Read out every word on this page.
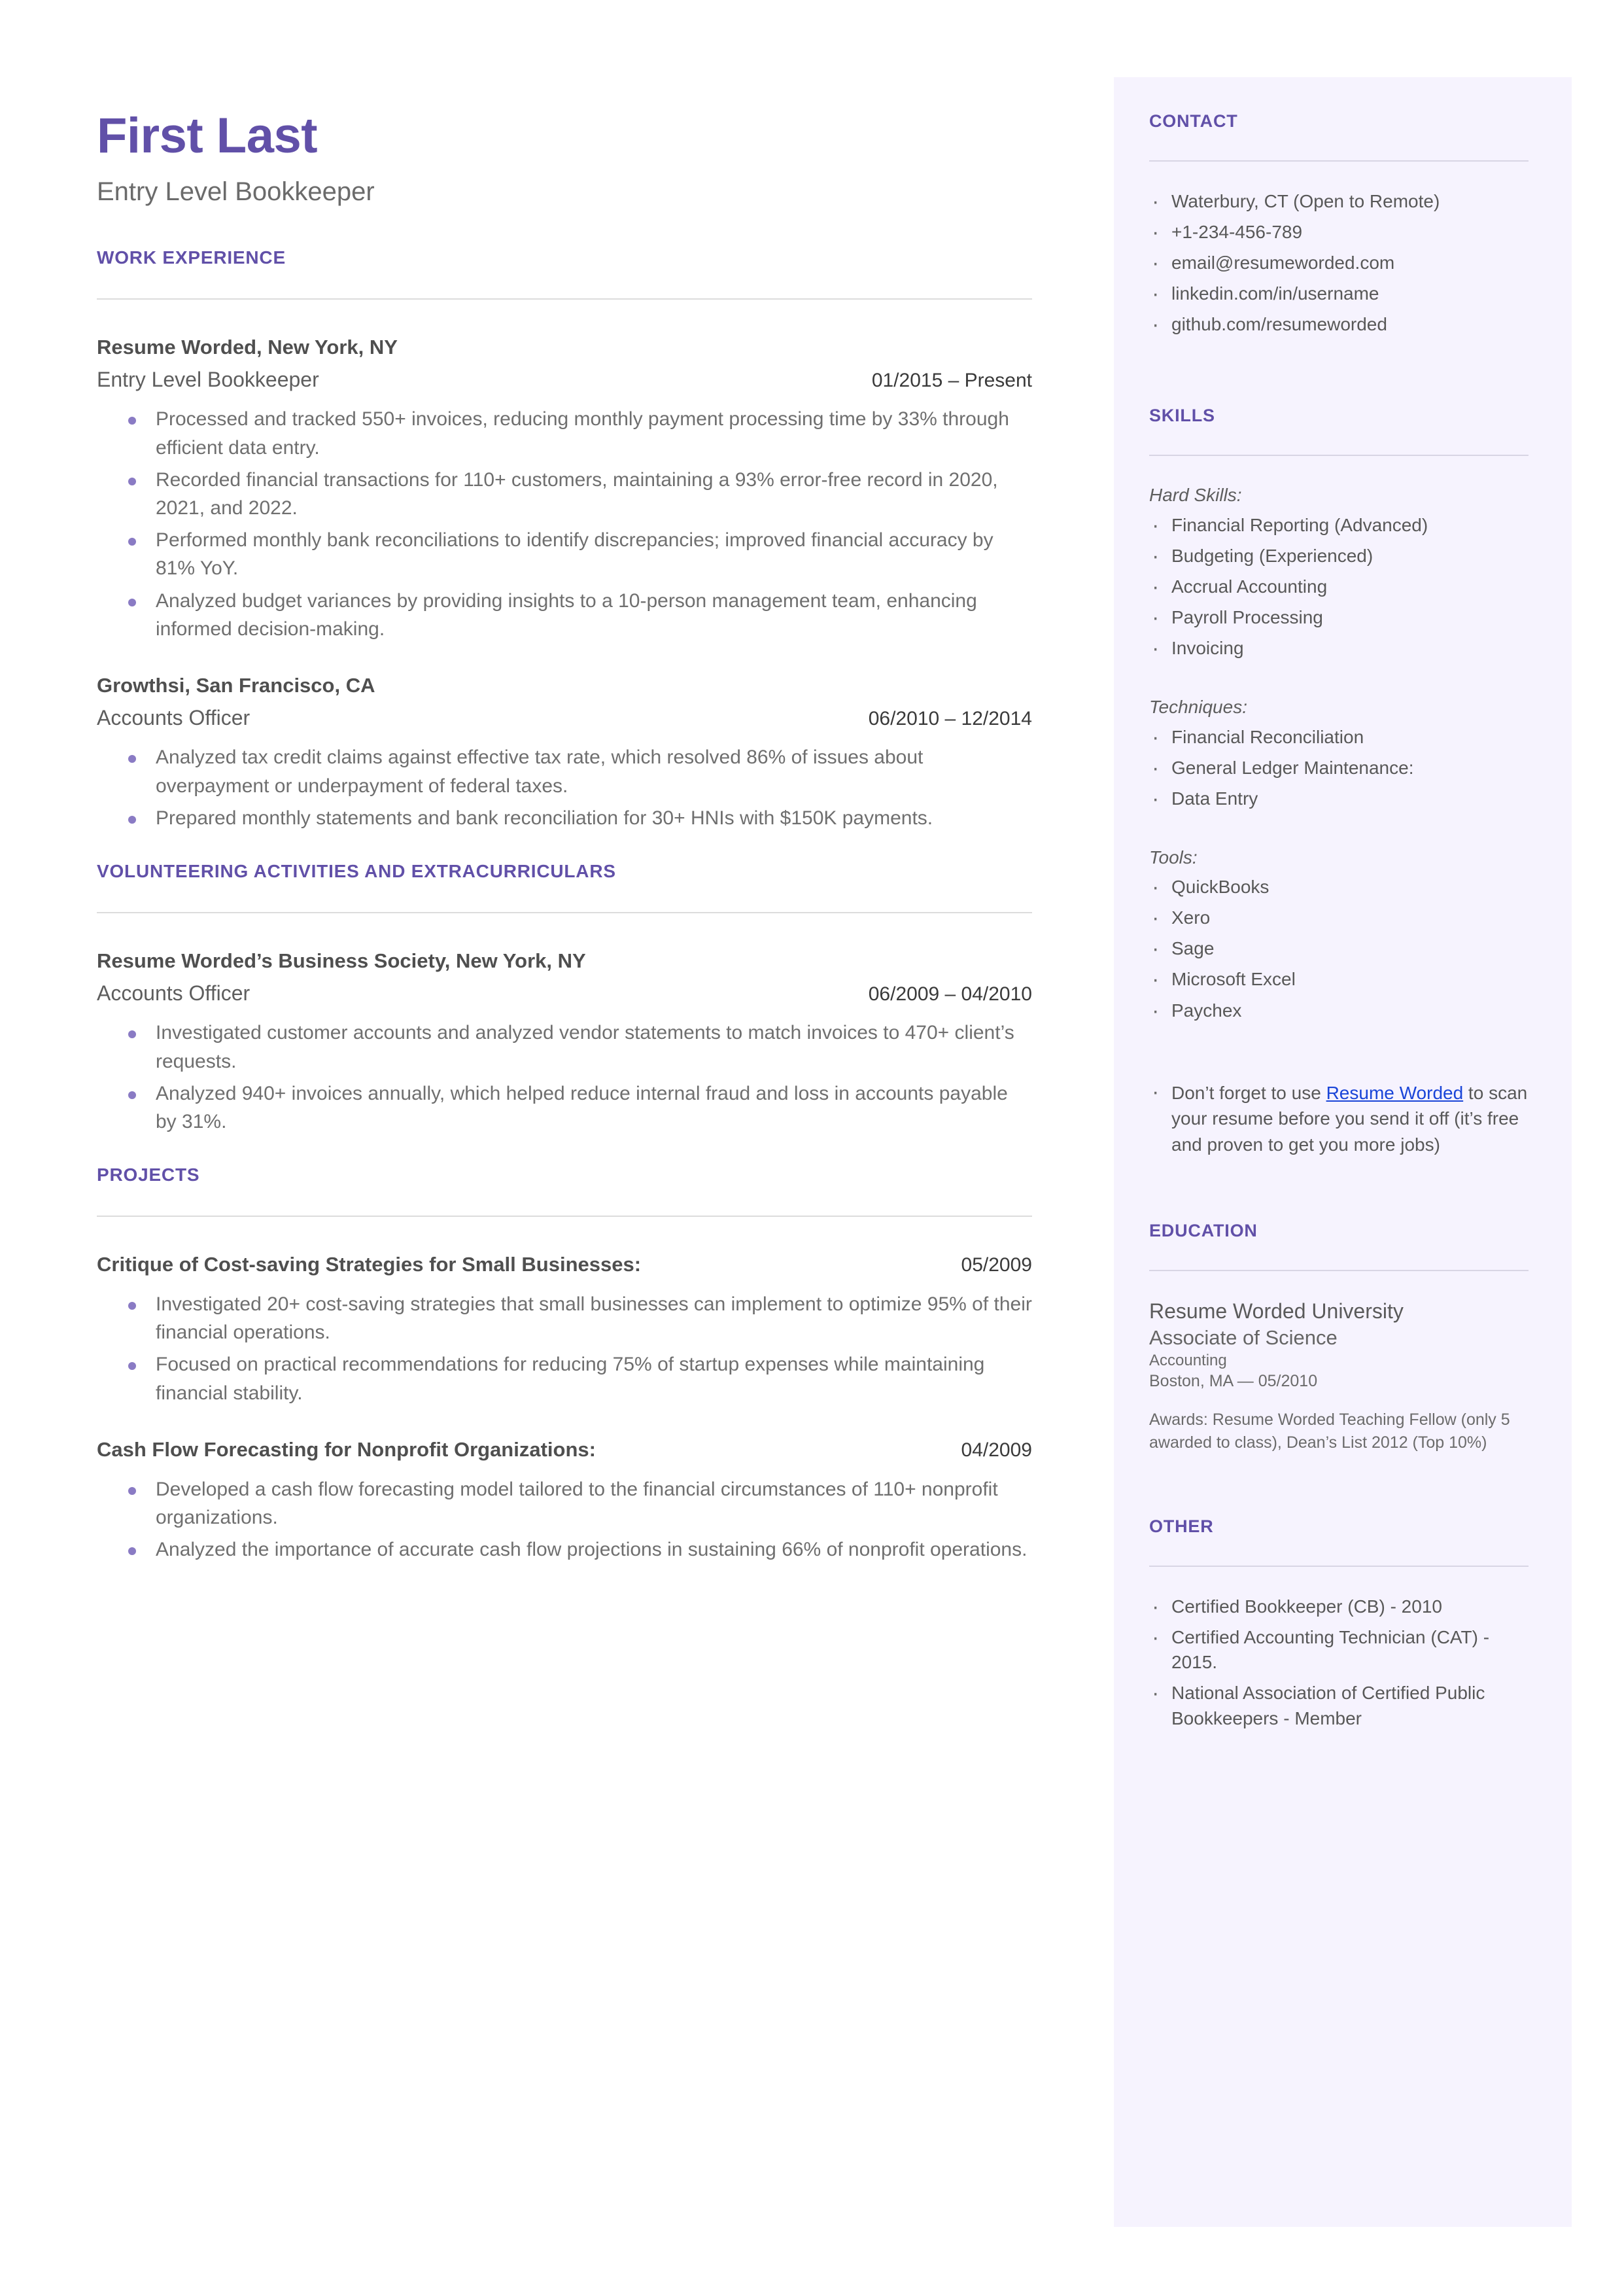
First Last
Entry Level Bookkeeper
WORK EXPERIENCE
Resume Worded, New York, NY
Entry Level Bookkeeper	01/2015 – Present
Processed and tracked 550+ invoices, reducing monthly payment processing time by 33% through efficient data entry.
Recorded financial transactions for 110+ customers, maintaining a 93% error-free record in 2020, 2021, and 2022.
Performed monthly bank reconciliations to identify discrepancies; improved financial accuracy by 81% YoY.
Analyzed budget variances by providing insights to a 10-person management team, enhancing informed decision-making.
Growthsi, San Francisco, CA
Accounts Officer	06/2010 – 12/2014
Analyzed tax credit claims against effective tax rate, which resolved 86% of issues about overpayment or underpayment of federal taxes.
Prepared monthly statements and bank reconciliation for 30+ HNIs with $150K payments.
VOLUNTEERING ACTIVITIES AND EXTRACURRICULARS
Resume Worded’s Business Society, New York, NY
Accounts Officer	06/2009 – 04/2010
Investigated customer accounts and analyzed vendor statements to match invoices to 470+ client’s requests.
Analyzed 940+ invoices annually, which helped reduce internal fraud and loss in accounts payable by 31%.
PROJECTS
Critique of Cost-saving Strategies for Small Businesses:	05/2009
Investigated 20+ cost-saving strategies that small businesses can implement to optimize 95% of their financial operations.
Focused on practical recommendations for reducing 75% of startup expenses while maintaining financial stability.
Cash Flow Forecasting for Nonprofit Organizations:	04/2009
Developed a cash flow forecasting model tailored to the financial circumstances of 110+ nonprofit organizations.
Analyzed the importance of accurate cash flow projections in sustaining 66% of nonprofit operations.
CONTACT
· Waterbury, CT (Open to Remote)
· +1-234-456-789
· email@resumeworded.com
· linkedin.com/in/username
· github.com/resumeworded
SKILLS
Hard Skills:
· Financial Reporting (Advanced)
· Budgeting (Experienced)
· Accrual Accounting
· Payroll Processing
· Invoicing
Techniques:
· Financial Reconciliation
· General Ledger Maintenance:
· Data Entry
Tools:
· QuickBooks
· Xero
· Sage
· Microsoft Excel
· Paychex
· Don’t forget to use Resume Worded to scan your resume before you send it off (it’s free and proven to get you more jobs)
EDUCATION
Resume Worded University
Associate of Science
Accounting
Boston, MA — 05/2010
Awards: Resume Worded Teaching Fellow (only 5 awarded to class), Dean’s List 2012 (Top 10%)
OTHER
· Certified Bookkeeper (CB) - 2010
· Certified Accounting Technician (CAT) - 2015.
· National Association of Certified Public Bookkeepers - Member
